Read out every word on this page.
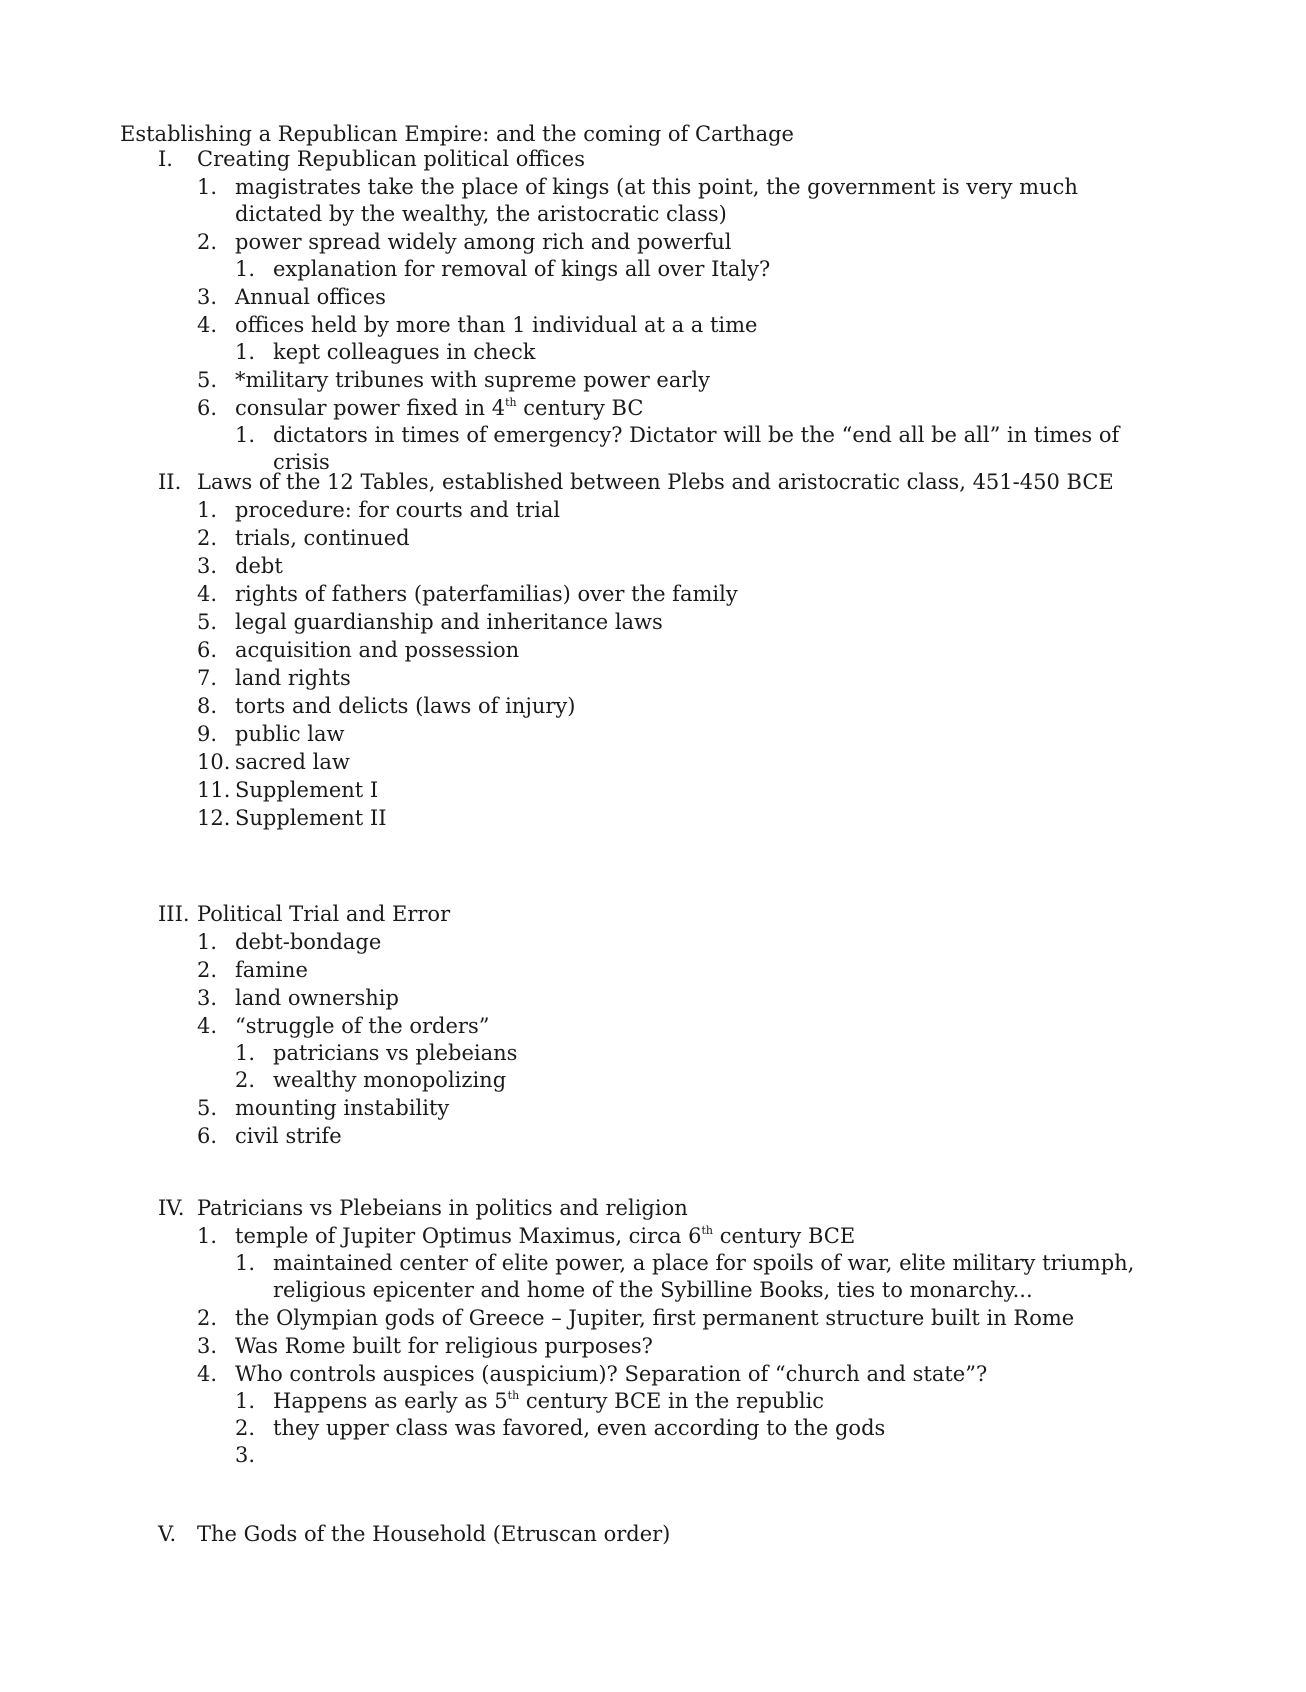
Establishing a Republican Empire: and the coming of Carthage
I. Creating Republican political offices
1. magistrates take the place of kings (at this point, the government is very much dictated by the wealthy, the aristocratic class)
2. power spread widely among rich and powerful
1. explanation for removal of kings all over Italy?
3. Annual offices
4. offices held by more than 1 individual at a a time
1. kept colleagues in check
5. *military tribunes with supreme power early
6. consular power fixed in 4th century BC
1. dictators in times of emergency? Dictator will be the “end all be all” in times of crisis
II. Laws of the 12 Tables, established between Plebs and aristocratic class, 451-450 BCE
1. procedure: for courts and trial
2. trials, continued
3. debt
4. rights of fathers (paterfamilias) over the family
5. legal guardianship and inheritance laws
6. acquisition and possession
7. land rights
8. torts and delicts (laws of injury)
9. public law
10. sacred law
11. Supplement I
12. Supplement II
III. Political Trial and Error
1. debt-bondage
2. famine
3. land ownership
4. “struggle of the orders”
1. patricians vs plebeians
2. wealthy monopolizing
5. mounting instability
6. civil strife
IV. Patricians vs Plebeians in politics and religion
1. temple of Jupiter Optimus Maximus, circa 6th century BCE
1. maintained center of elite power, a place for spoils of war, elite military triumph, religious epicenter and home of the Sybilline Books, ties to monarchy...
2. the Olympian gods of Greece – Jupiter, first permanent structure built in Rome
3. Was Rome built for religious purposes?
4. Who controls auspices (auspicium)? Separation of “church and state”?
1. Happens as early as 5th century BCE in the republic
2. they upper class was favored, even according to the gods
3.

V. The Gods of the Household (Etruscan order)
